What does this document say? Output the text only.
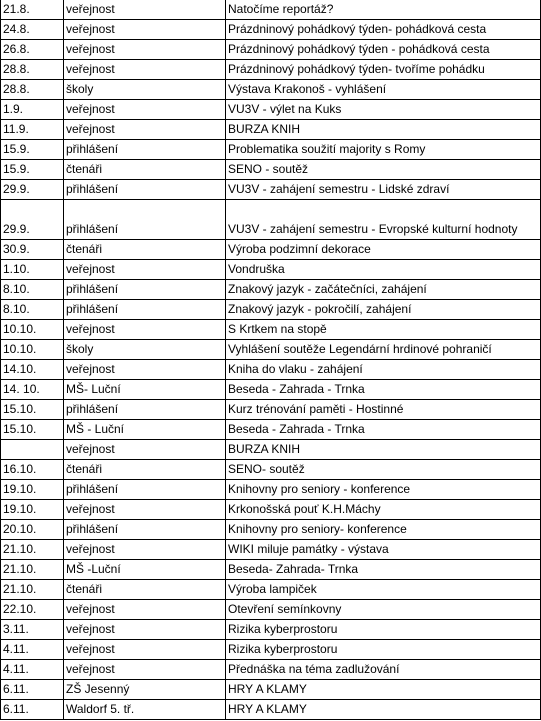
21.8.	veřejnost	Natočíme reportáž?
24.8.	veřejnost	Prázdninový pohádkový týden- pohádková cesta
26.8.	veřejnost	Prázdninový pohádkový týden - pohádková cesta
28.8.	veřejnost	Prázdninový pohádkový týden- tvoříme pohádku
28.8.	školy	Výstava Krakonoš - vyhlášení
1.9.	veřejnost	VU3V - výlet na Kuks
11.9.	veřejnost	BURZA KNIH
15.9.	přihlášení	Problematika soužití majority s Romy
15.9.	čtenáři	SENO - soutěž
29.9.	přihlášení	VU3V - zahájení semestru - Lidské zdraví
29.9.	přihlášení	VU3V - zahájení semestru - Evropské kulturní hodnoty
30.9.	čtenáři	Výroba podzimní dekorace
1.10.	veřejnost	Vondruška
8.10.	přihlášení	Znakový jazyk - začátečníci, zahájení
8.10.	přihlášení	Znakový jazyk - pokročilí, zahájení
10.10.	veřejnost	S Krtkem na stopě
10.10.	školy	Vyhlášení soutěže Legendární hrdinové pohraničí
14.10.	veřejnost	Kniha do vlaku - zahájení
14. 10.	MŠ- Luční	Beseda - Zahrada - Trnka
15.10.	přihlášení	Kurz trénování paměti - Hostinné
15.10.	MŠ - Luční	Beseda - Zahrada - Trnka
	veřejnost	BURZA KNIH
16.10.	čtenáři	SENO- soutěž
19.10.	přihlášení	Knihovny pro seniory - konference
19.10.	veřejnost	Krkonošská pouť K.H.Máchy
20.10.	přihlášení	Knihovny pro seniory- konference
21.10.	veřejnost	WIKI miluje památky - výstava
21.10.	MŠ -Luční	Beseda- Zahrada- Trnka
21.10.	čtenáři	Výroba lampiček
22.10.	veřejnost	Otevření semínkovny
3.11.	veřejnost	Rizika kyberprostoru
4.11.	veřejnost	Rizika kyberprostoru
4.11.	veřejnost	Přednáška na téma zadlužování
6.11.	ZŠ Jesenný	HRY A KLAMY
6.11.	Waldorf 5. tř.	HRY A KLAMY
